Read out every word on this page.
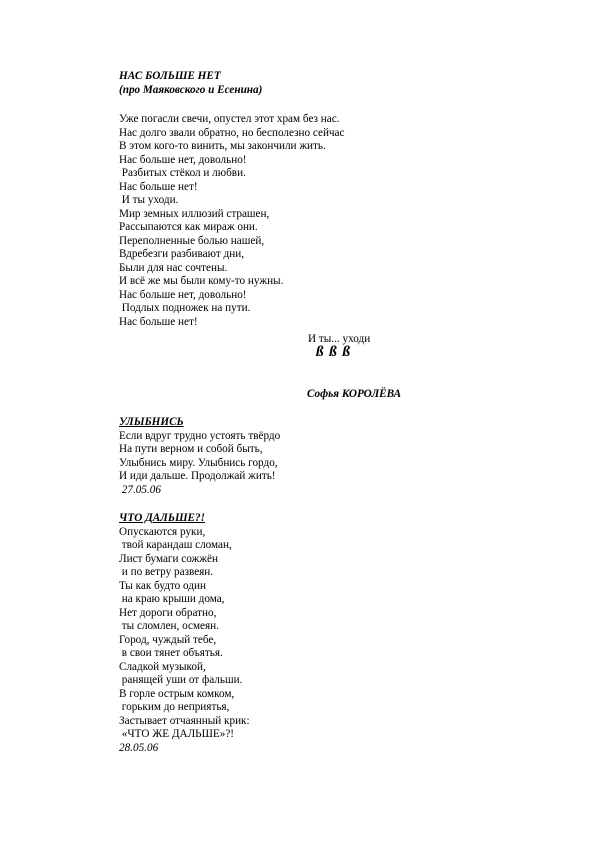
НАС БОЛЬШЕ НЕТ
(про Маяковского и Есенина)
Уже погасли свечи, опустел этот храм без нас.
Нас долго звали обратно, но бесполезно сейчас
В этом кого-то винить, мы закончили жить.
Нас больше нет, довольно!
Разбитых стёкол и любви.
Нас больше нет!
И ты уходи.
Мир земных иллюзий страшен,
Рассыпаются как мираж они.
Переполненные болью нашей,
Вдребезги разбивают дни,
Были для нас сочтены.
И всё же мы были кому-то нужны.
Нас больше нет, довольно!
Подлых подножек на пути.
Нас больше нет!
И ты... уходи
ß ß ß
Софья КОРОЛЁВА
УЛЫБНИСЬ
Если вдруг трудно устоять твёрдо
На пути верном и собой быть,
Улыбнись миру. Улыбнись гордо,
И иди дальше. Продолжай жить!
27.05.06
ЧТО ДАЛЬШЕ?!
Опускаются руки,
твой карандаш сломан,
Лист бумаги сожжён
и по ветру развеян.
Ты как будто один
на краю крыши дома,
Нет дороги обратно,
ты сломлен, осмеян.
Город, чуждый тебе,
в свои тянет объятья.
Сладкой музыкой,
ранящей уши от фальши.
В горле острым комком,
горьким до неприятья,
Застывает отчаянный крик:
«ЧТО ЖЕ ДАЛЬШЕ»?!
28.05.06
